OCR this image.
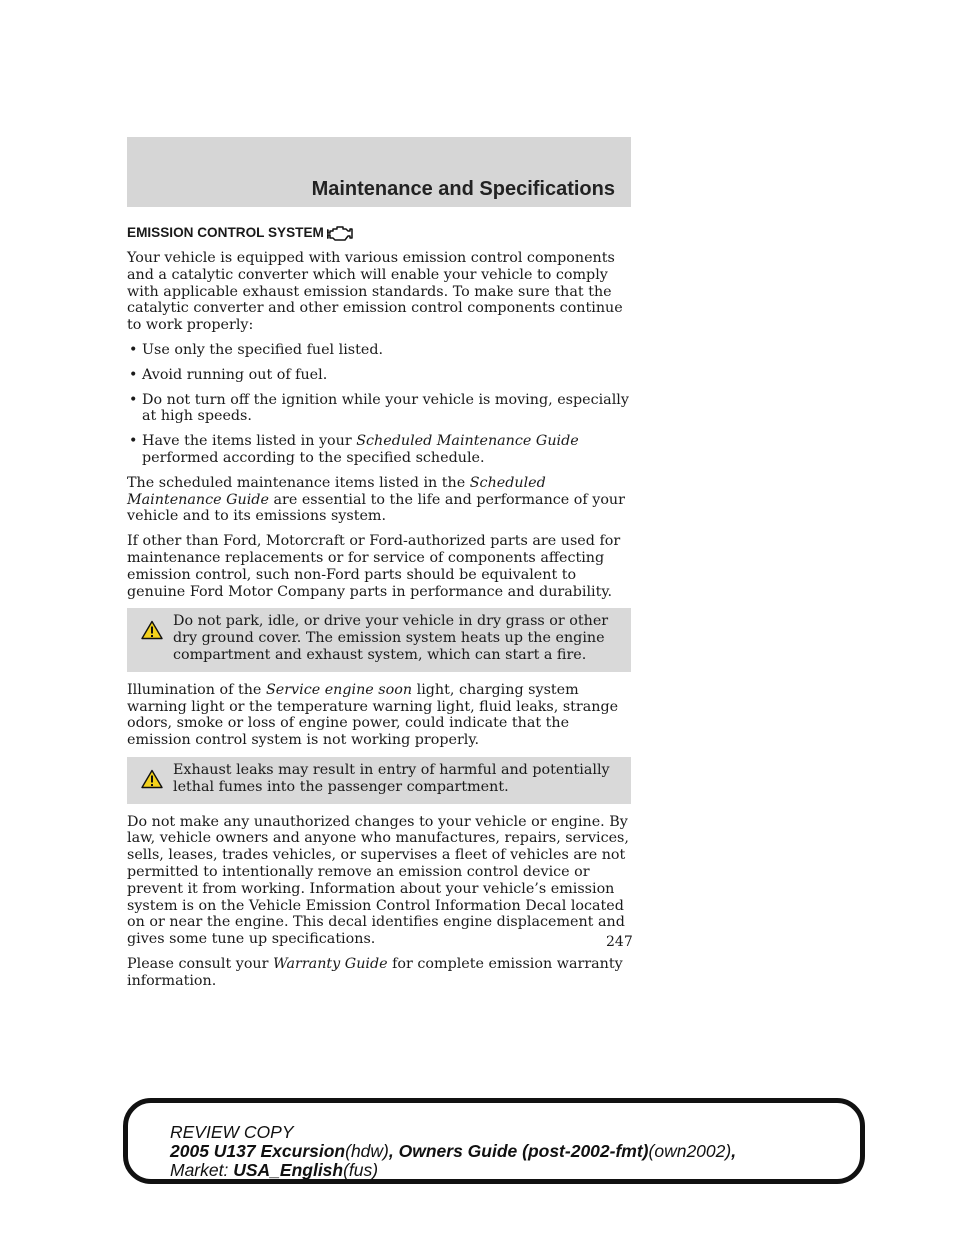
Maintenance and Specifications
EMISSION CONTROL SYSTEM

Your vehicle is equipped with various emission control components and a catalytic converter which will enable your vehicle to comply with applicable exhaust emission standards. To make sure that the catalytic converter and other emission control components continue to work properly:

• Use only the specified fuel listed.
• Avoid running out of fuel.
• Do not turn off the ignition while your vehicle is moving, especially at high speeds.
• Have the items listed in your Scheduled Maintenance Guide performed according to the specified schedule.

The scheduled maintenance items listed in the Scheduled Maintenance Guide are essential to the life and performance of your vehicle and to its emissions system.

If other than Ford, Motorcraft or Ford-authorized parts are used for maintenance replacements or for service of components affecting emission control, such non-Ford parts should be equivalent to genuine Ford Motor Company parts in performance and durability.

Do not park, idle, or drive your vehicle in dry grass or other dry ground cover. The emission system heats up the engine compartment and exhaust system, which can start a fire.

Illumination of the Service engine soon light, charging system warning light or the temperature warning light, fluid leaks, strange odors, smoke or loss of engine power, could indicate that the emission control system is not working properly.

Exhaust leaks may result in entry of harmful and potentially lethal fumes into the passenger compartment.

Do not make any unauthorized changes to your vehicle or engine. By law, vehicle owners and anyone who manufactures, repairs, services, sells, leases, trades vehicles, or supervises a fleet of vehicles are not permitted to intentionally remove an emission control device or prevent it from working. Information about your vehicle’s emission system is on the Vehicle Emission Control Information Decal located on or near the engine. This decal identifies engine displacement and gives some tune up specifications.

Please consult your Warranty Guide for complete emission warranty information.

247
REVIEW COPY
2005 U137 Excursion(hdw), Owners Guide (post-2002-fmt)(own2002),
Market: USA_English(fus)
